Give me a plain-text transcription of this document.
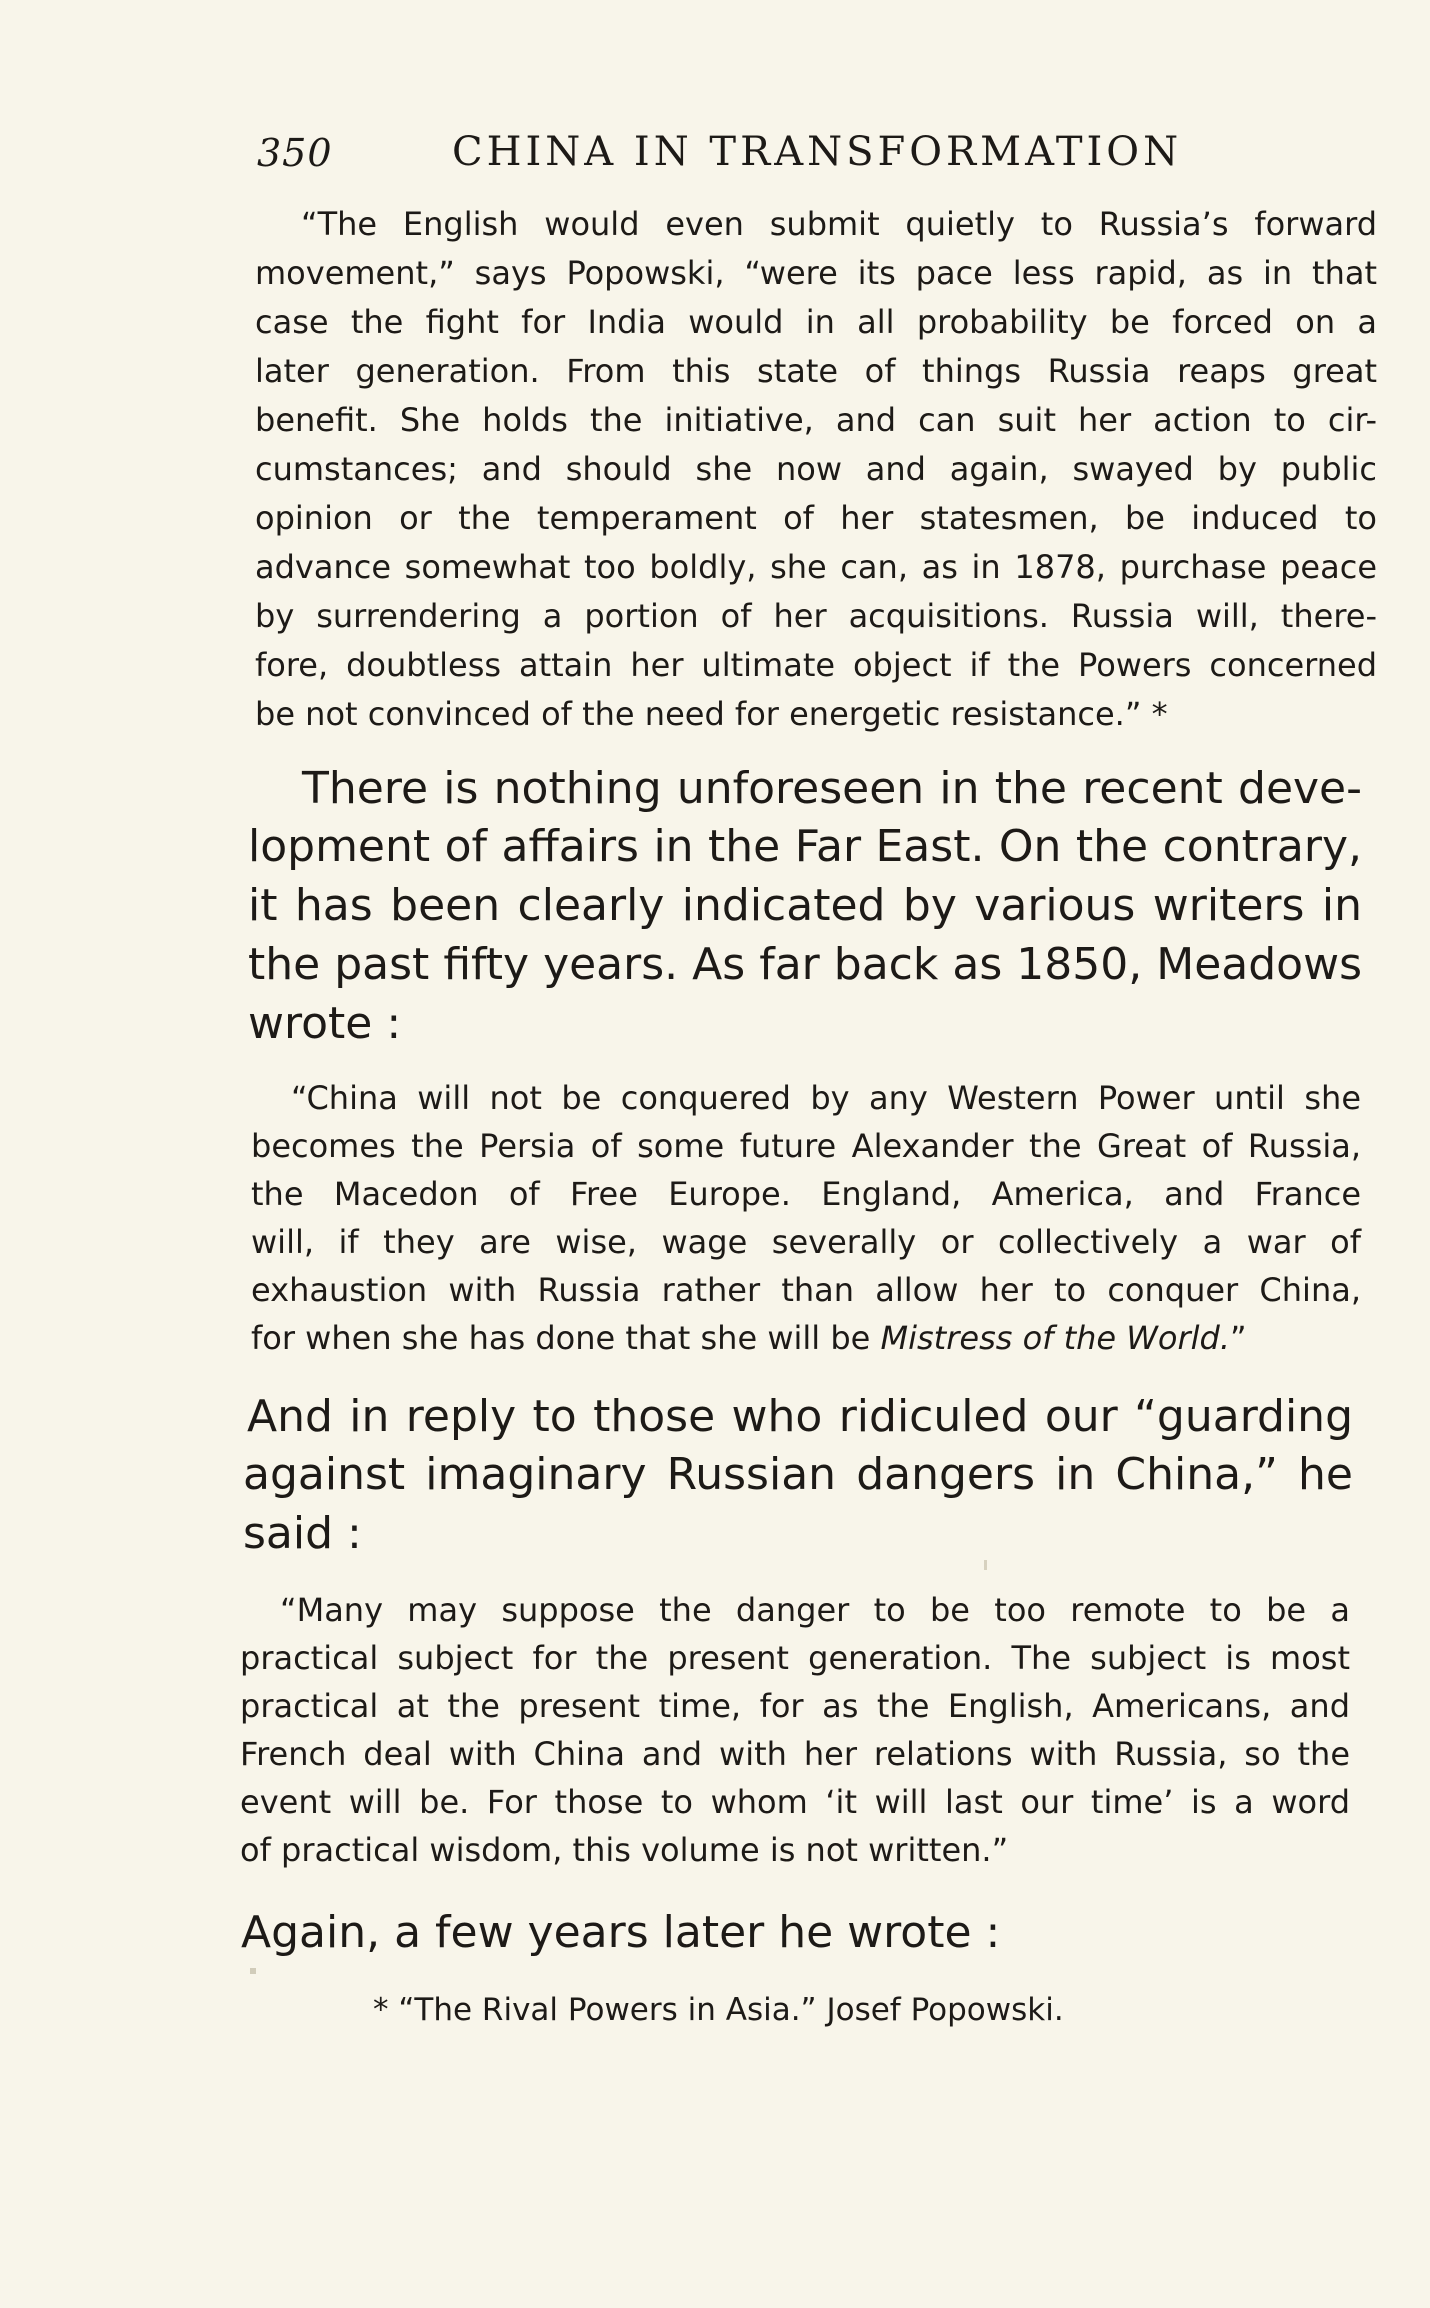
350	CHINA IN TRANSFORMATION
“The English would even submit quietly to Russia’s forward
movement,” says Popowski, “were its pace less rapid, as in that
case the fight for India would in all probability be forced on a
later generation. From this state of things Russia reaps great
benefit. She holds the initiative, and can suit her action to cir-
cumstances; and should she now and again, swayed by public
opinion or the temperament of her statesmen, be induced to
advance somewhat too boldly, she can, as in 1878, purchase peace
by surrendering a portion of her acquisitions. Russia will, there-
fore, doubtless attain her ultimate object if the Powers concerned
be not convinced of the need for energetic resistance.” *
There is nothing unforeseen in the recent deve-
lopment of affairs in the Far East. On the contrary,
it has been clearly indicated by various writers in
the past fifty years. As far back as 1850, Meadows
wrote :
“China will not be conquered by any Western Power until she
becomes the Persia of some future Alexander the Great of Russia,
the Macedon of Free Europe. England, America, and France
will, if they are wise, wage severally or collectively a war of
exhaustion with Russia rather than allow her to conquer China,
for when she has done that she will be Mistress of the World.”
And in reply to those who ridiculed our “guarding
against imaginary Russian dangers in China,” he
said :
“Many may suppose the danger to be too remote to be a
practical subject for the present generation. The subject is most
practical at the present time, for as the English, Americans, and
French deal with China and with her relations with Russia, so the
event will be. For those to whom ‘it will last our time’ is a word
of practical wisdom, this volume is not written.”
Again, a few years later he wrote :
* “The Rival Powers in Asia.” Josef Popowski.
